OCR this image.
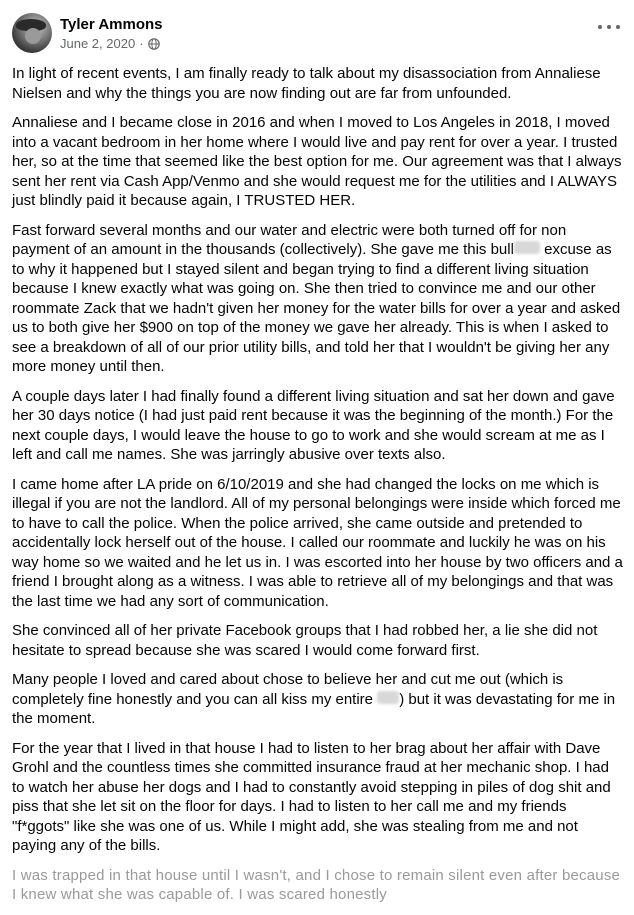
Tyler Ammons
June 2, 2020 ·

In light of recent events, I am finally ready to talk about my disassociation from Annaliese Nielsen and why the things you are now finding out are far from unfounded.

Annaliese and I became close in 2016 and when I moved to Los Angeles in 2018, I moved into a vacant bedroom in her home where I would live and pay rent for over a year. I trusted her, so at the time that seemed like the best option for me. Our agreement was that I always sent her rent via Cash App/Venmo and she would request me for the utilities and I ALWAYS just blindly paid it because again, I TRUSTED HER.

Fast forward several months and our water and electric were both turned off for non payment of an amount in the thousands (collectively). She gave me this bull excuse as to why it happened but I stayed silent and began trying to find a different living situation because I knew exactly what was going on. She then tried to convince me and our other roommate Zack that we hadn't given her money for the water bills for over a year and asked us to both give her $900 on top of the money we gave her already. This is when I asked to see a breakdown of all of our prior utility bills, and told her that I wouldn't be giving her any more money until then.

A couple days later I had finally found a different living situation and sat her down and gave her 30 days notice (I had just paid rent because it was the beginning of the month.) For the next couple days, I would leave the house to go to work and she would scream at me as I left and call me names. She was jarringly abusive over texts also.

I came home after LA pride on 6/10/2019 and she had changed the locks on me which is illegal if you are not the landlord. All of my personal belongings were inside which forced me to have to call the police. When the police arrived, she came outside and pretended to accidentally lock herself out of the house. I called our roommate and luckily he was on his way home so we waited and he let us in. I was escorted into her house by two officers and a friend I brought along as a witness. I was able to retrieve all of my belongings and that was the last time we had any sort of communication.

She convinced all of her private Facebook groups that I had robbed her, a lie she did not hesitate to spread because she was scared I would come forward first.

Many people I loved and cared about chose to believe her and cut me out (which is completely fine honestly and you can all kiss my entire ) but it was devastating for me in the moment.

For the year that I lived in that house I had to listen to her brag about her affair with Dave Grohl and the countless times she committed insurance fraud at her mechanic shop. I had to watch her abuse her dogs and I had to constantly avoid stepping in piles of dog shit and piss that she let sit on the floor for days. I had to listen to her call me and my friends "f*ggots" like she was one of us. While I might add, she was stealing from me and not paying any of the bills.

I was trapped in that house until I wasn't, and I chose to remain silent even after because I knew what she was capable of. I was scared honestly
